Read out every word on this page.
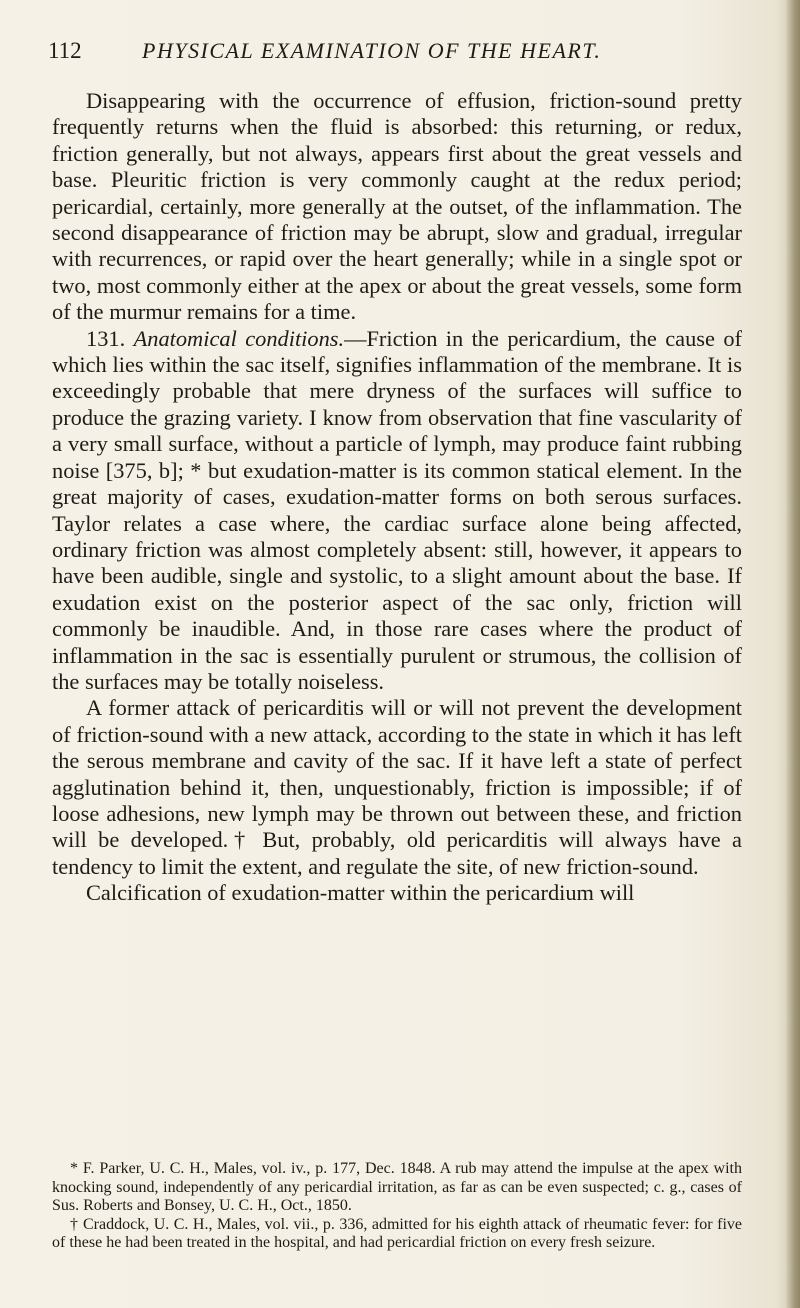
112	PHYSICAL EXAMINATION OF THE HEART.

Disappearing with the occurrence of effusion, friction-sound pretty frequently returns when the fluid is absorbed: this returning, or redux, friction generally, but not always, appears first about the great vessels and base. Pleuritic friction is very commonly caught at the redux period; pericardial, certainly, more generally at the outset, of the inflammation. The second disappearance of friction may be abrupt, slow and gradual, irregular with recurrences, or rapid over the heart generally; while in a single spot or two, most commonly either at the apex or about the great vessels, some form of the murmur remains for a time.

131. Anatomical conditions.—Friction in the pericardium, the cause of which lies within the sac itself, signifies inflammation of the membrane. It is exceedingly probable that mere dryness of the surfaces will suffice to produce the grazing variety. I know from observation that fine vascularity of a very small surface, without a particle of lymph, may produce faint rubbing noise [375, b]; * but exudation-matter is its common statical element. In the great majority of cases, exudation-matter forms on both serous surfaces. Taylor relates a case where, the cardiac surface alone being affected, ordinary friction was almost completely absent: still, however, it appears to have been audible, single and systolic, to a slight amount about the base. If exudation exist on the posterior aspect of the sac only, friction will commonly be inaudible. And, in those rare cases where the product of inflammation in the sac is essentially purulent or strumous, the collision of the surfaces may be totally noiseless.

A former attack of pericarditis will or will not prevent the development of friction-sound with a new attack, according to the state in which it has left the serous membrane and cavity of the sac. If it have left a state of perfect agglutination behind it, then, unquestionably, friction is impossible; if of loose adhesions, new lymph may be thrown out between these, and friction will be developed.† But, probably, old pericarditis will always have a tendency to limit the extent, and regulate the site, of new friction-sound.

Calcification of exudation-matter within the pericardium will

* F. Parker, U. C. H., Males, vol. iv., p. 177, Dec. 1848. A rub may attend the impulse at the apex with knocking sound, independently of any pericardial irritation, as far as can be even suspected; c. g., cases of Sus. Roberts and Bonsey, U. C. H., Oct., 1850.

† Craddock, U. C. H., Males, vol. vii., p. 336, admitted for his eighth attack of rheumatic fever: for five of these he had been treated in the hospital, and had pericardial friction on every fresh seizure.
